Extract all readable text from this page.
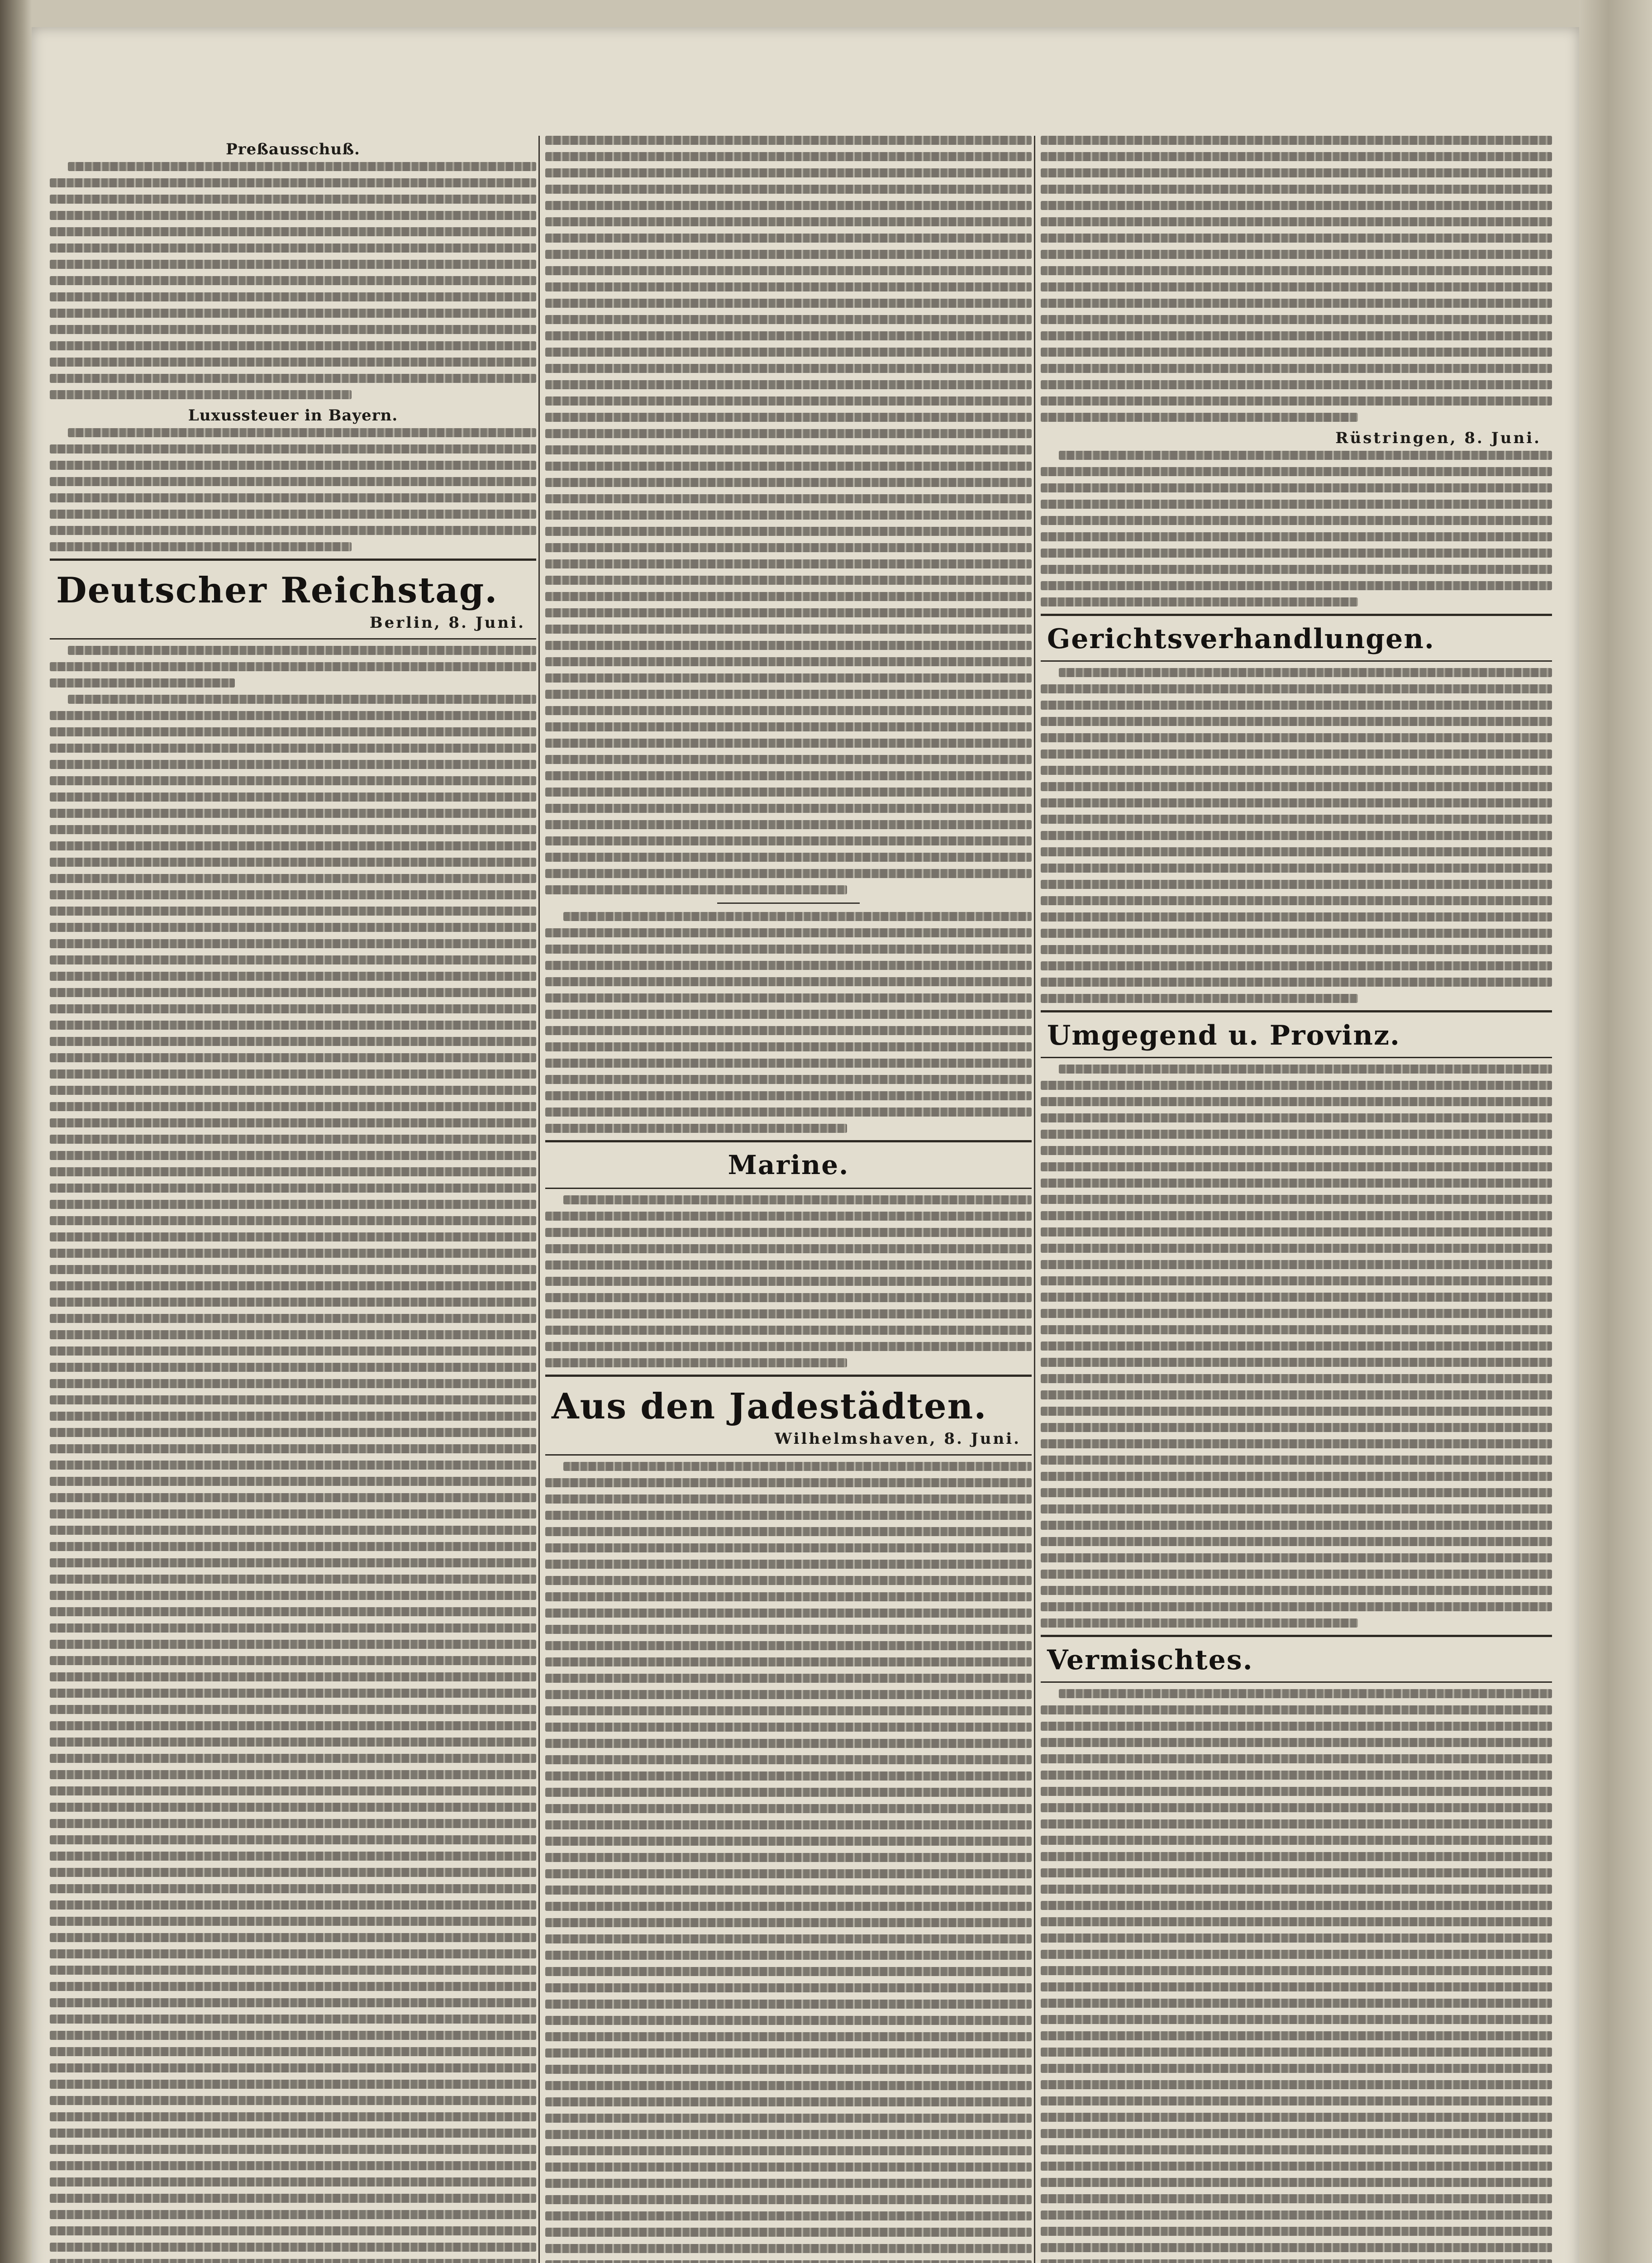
Preßausschuß.
Luxussteuer in Bayern.
Deutscher Reichstag.
Berlin, 8. Juni.
Marine.
Aus den Jadestädten.
Wilhelmshaven, 8. Juni.
Rüstringen, 8. Juni.
Gerichtsverhandlungen.
Umgegend u. Provinz.
Vermischtes.
